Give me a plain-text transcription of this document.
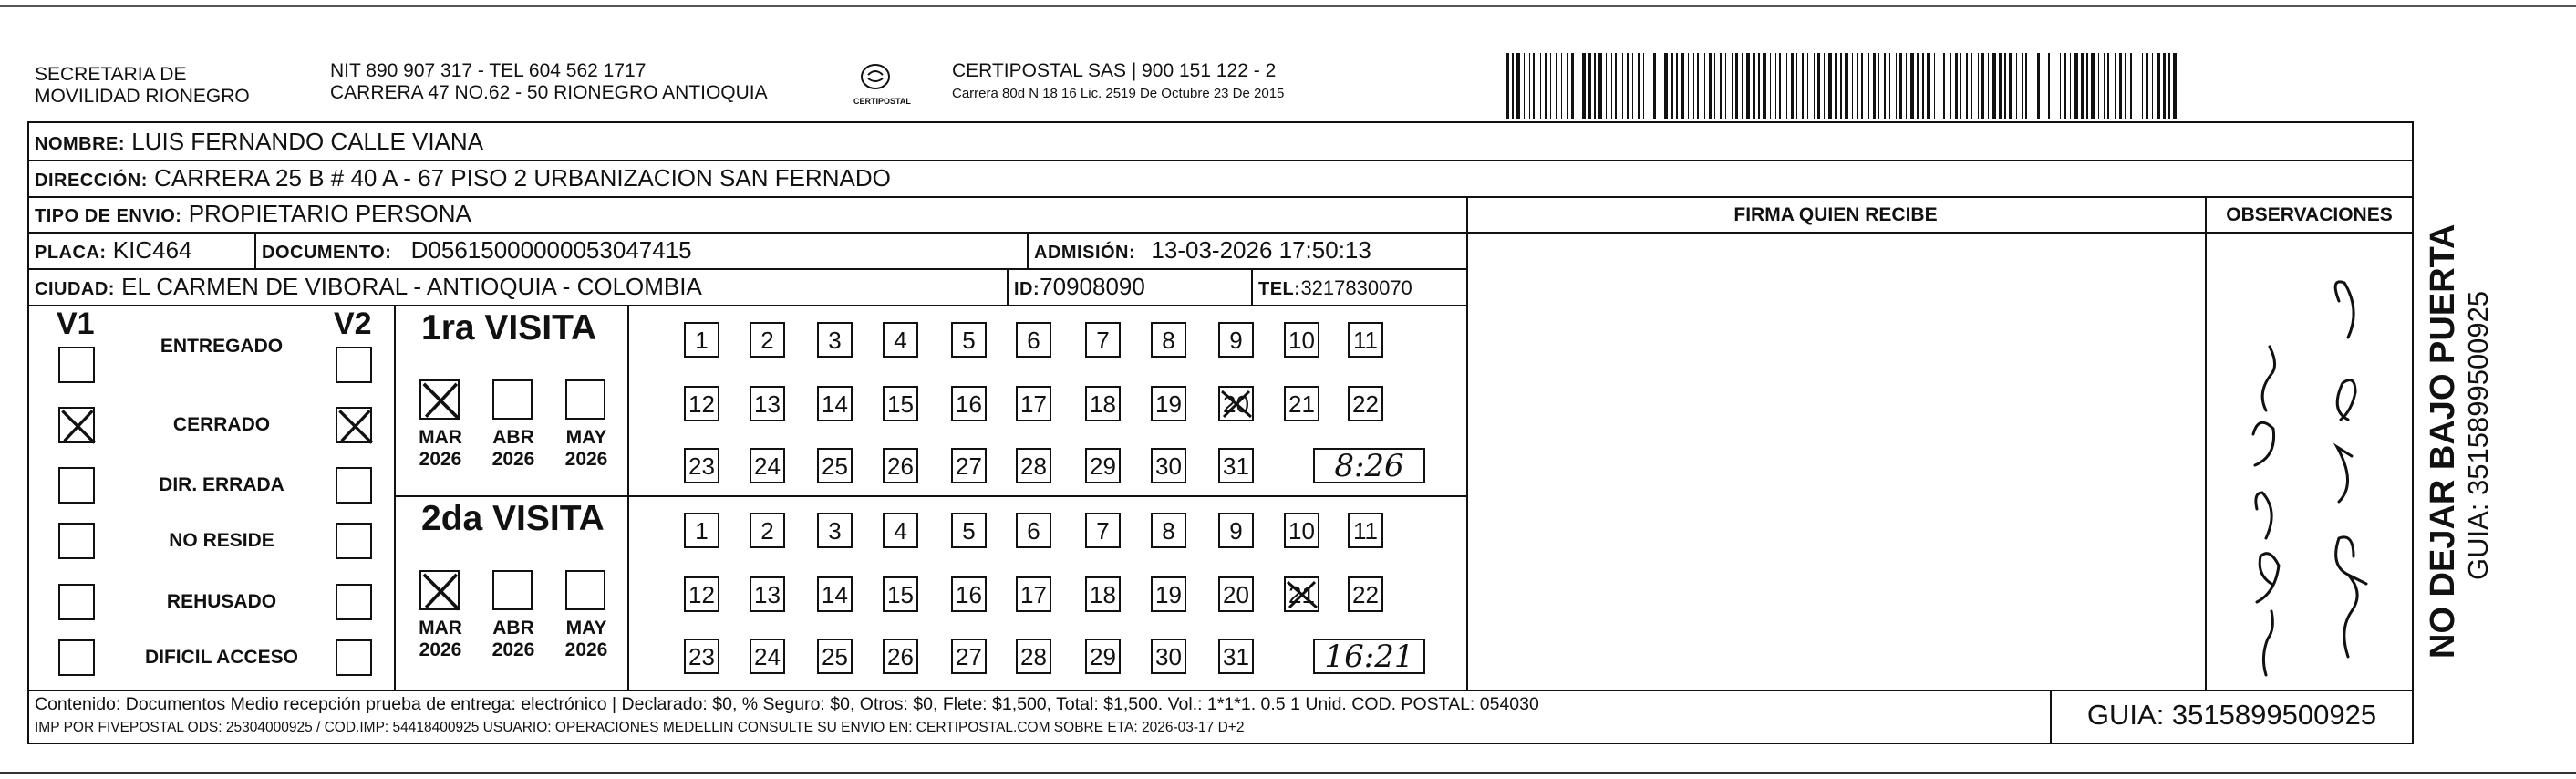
SECRETARIA DE
MOVILIDAD RIONEGRO
NIT 890 907 317 - TEL 604 562 1717
CARRERA 47 NO.62 - 50 RIONEGRO ANTIOQUIA	CERTIPOSTAL
CERTIPOSTAL SAS | 900 151 122 - 2
Carrera 80d N 18 16 Lic. 2519 De Octubre 23 De 2015
NOMBRE: LUIS FERNANDO CALLE VIANA
DIRECCIÓN: CARRERA 25 B # 40 A - 67 PISO 2 URBANIZACION SAN FERNADO
TIPO DE ENVIO: PROPIETARIO PERSONA	FIRMA QUIEN RECIBE	OBSERVACIONES
PLACA: KIC464	DOCUMENTO: D05615000000053047415	ADMISIÓN: 13-03-2026 17:50:13
CIUDAD: EL CARMEN DE VIBORAL - ANTIOQUIA - COLOMBIA	ID:70908090	TEL:3217830070
V1	V2
ENTREGADO
CERRADO
DIR. ERRADA
NO RESIDE
REHUSADO
DIFICIL ACCESO
1ra VISITA
MAR
2026
ABR
2026
MAY
2026
1	2	3	4	5	6	7	8	9	10 11
12 13 14 15 16 17 18 19 20 21 22
23 24 25 26 27 28 29 30 31	8:26
2da VISITA
MAR
2026
ABR
2026
MAY
2026
1	2	3	4	5	6	7	8	9	10 11
12 13 14 15 16 17 18 19 20 21 22
23 24 25 26 27 28 29 30 31	16:21
Contenido: Documentos Medio recepción prueba de entrega: electrónico | Declarado: $0, % Seguro: $0, Otros: $0, Flete: $1,500, Total: $1,500. Vol.: 1*1*1. 0.5 1 Unid. COD. POSTAL: 054030
IMP POR FIVEPOSTAL ODS: 25304000925 / COD.IMP: 54418400925 USUARIO: OPERACIONES MEDELLIN CONSULTE SU ENVIO EN: CERTIPOSTAL.COM SOBRE ETA: 2026-03-17 D+2	GUIA: 3515899500925
NO DEJAR BAJO PUERTA GUIA: 3515899500925
